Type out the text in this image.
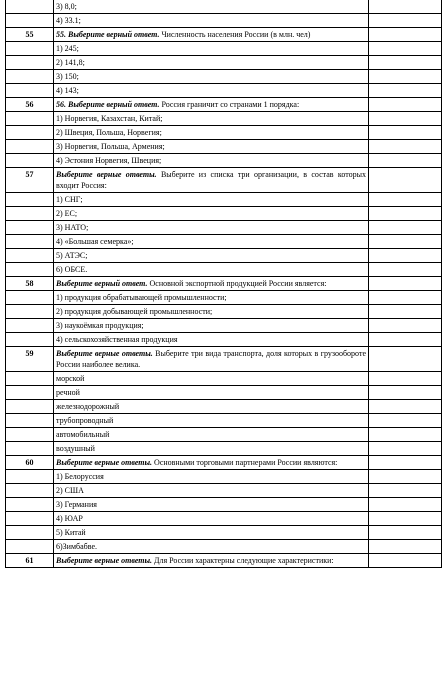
	3) 8,0;	
	4) 33.1;	
55	55. Выберите верный ответ. Численность населения России (в млн. чел)	
	1) 245;	
	2) 141,8;	
	3) 150;	
	4) 143;	
56	56. Выберите верный ответ. Россия граничит со странами 1 порядка:	
	1) Норвегия, Казахстан, Китай;	
	2) Швеция, Польша, Норвегия;	
	3) Норвегия, Польша, Армения;	
	4) Эстония Норвегия, Швеция;	
57	Выберите верные ответы. Выберите из списка три организации, в состав которых входит Россия:	
	1) СНГ;	
	2) ЕС;	
	3) НАТО;	
	4) «Большая семерка»;	
	5) АТЭС;	
	6) ОБСЕ.	
58	Выберите верный ответ. Основной экспортной продукцией России является:	
	1) продукция обрабатывающей промышленности;	
	2) продукция добывающей промышленности;	
	3) наукоёмкая продукция;	
	4) сельскохозяйственная продукция	
59	Выберите верные ответы. Выберите три вида транспорта, доля которых в грузообороте России наиболее велика.	
	морской	
	речной	
	железнодорожный	
	трубопроводный	
	автомобильный	
	воздушный	
60	Выберите верные ответы. Основными торговыми партнерами России являются:	
	1) Белоруссия	
	2) США	
	3) Германия	
	4) ЮАР	
	5) Китай	
	6)Зимбабве.	
61	Выберите верные ответы. Для России характерны следующие характеристики:	
